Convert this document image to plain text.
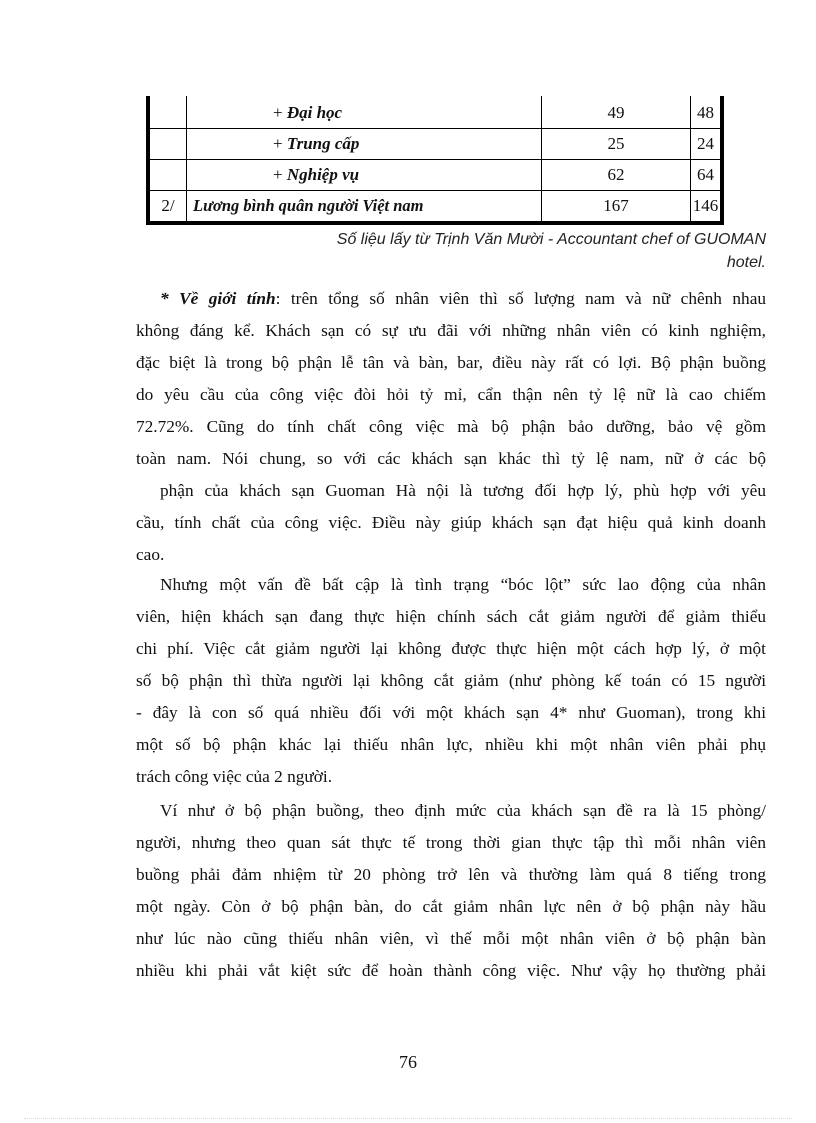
	+ Đại học	49	48
	+ Trung cấp	25	24
	+ Nghiệp vụ	62	64
2/	Lương bình quân người Việt nam	167	146
Số liệu lấy từ Trịnh Văn Mười - Accountant chef of GUOMAN
hotel.

* Về giới tính: trên tổng số nhân viên thì số lượng nam và nữ chênh nhau

không đáng kể. Khách sạn có sự ưu đãi với những nhân viên có kinh nghiệm,

đặc biệt là trong bộ phận lễ tân và bàn, bar, điều này rất có lợi. Bộ phận buồng

do yêu cầu của công việc đòi hỏi tỷ mỉ, cẩn thận nên tỷ lệ nữ là cao chiếm

72.72%. Cũng do tính chất công việc mà bộ phận bảo dưỡng, bảo vệ gồm

toàn nam. Nói chung, so với các khách sạn khác thì tỷ lệ nam, nữ ở các bộ

phận của khách sạn Guoman Hà nội là tương đối hợp lý, phù hợp với yêu

cầu, tính chất của công việc. Điều này giúp khách sạn đạt hiệu quả kinh doanh

cao.

Nhưng một vấn đề bất cập là tình trạng “bóc lột” sức lao động của nhân

viên, hiện khách sạn đang thực hiện chính sách cắt giảm người để giảm thiểu

chi phí. Việc cắt giảm người lại không được thực hiện một cách hợp lý, ở một

số bộ phận thì thừa người lại không cắt giảm (như phòng kế toán có 15 người

- đây là con số quá nhiều đối với một khách sạn 4* như Guoman), trong khi

một số bộ phận khác lại thiếu nhân lực, nhiều khi một nhân viên phải phụ

trách công việc của 2 người.

Ví như ở bộ phận buồng, theo định mức của khách sạn đề ra là 15 phòng/

người, nhưng theo quan sát thực tế trong thời gian thực tập thì mỗi nhân viên

buồng phải đảm nhiệm từ 20 phòng trở lên và thường làm quá 8 tiếng trong

một ngày. Còn ở bộ phận bàn, do cắt giảm nhân lực nên ở bộ phận này hầu

như lúc nào cũng thiếu nhân viên, vì thế mỗi một nhân viên ở bộ phận bàn

nhiều khi phải vắt kiệt sức để hoàn thành công việc. Như vậy họ thường phải

76
